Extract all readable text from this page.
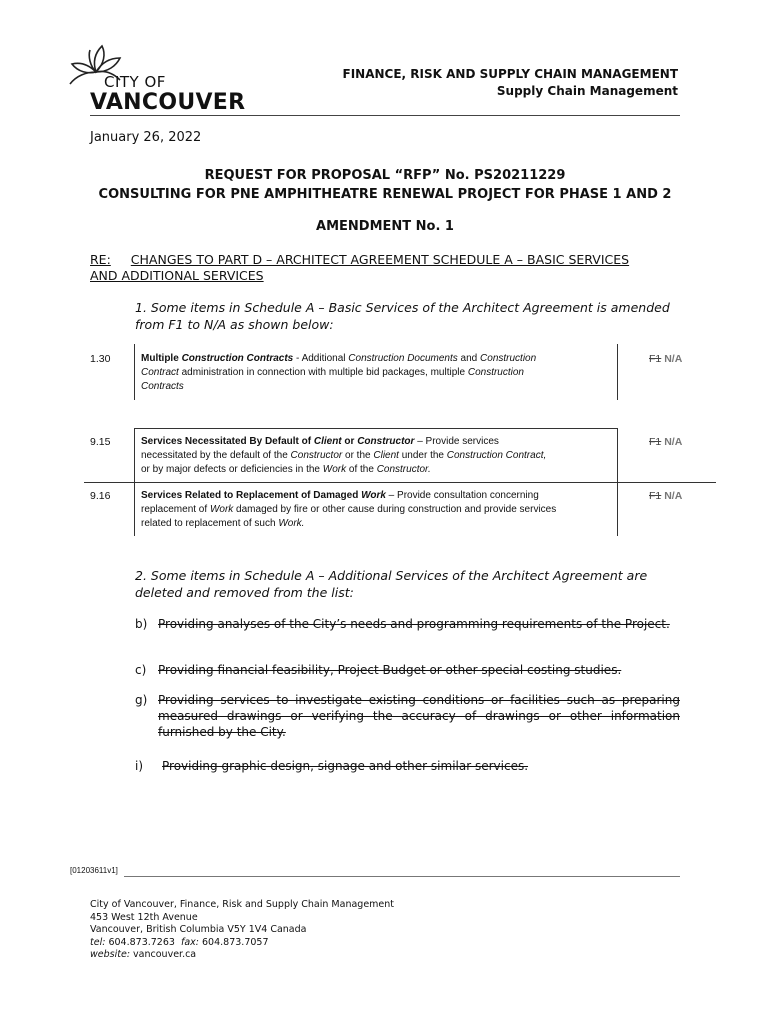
CITY OF
VANCOUVER
FINANCE, RISK AND SUPPLY CHAIN MANAGEMENT
Supply Chain Management
January 26, 2022
REQUEST FOR PROPOSAL “RFP” No. PS20211229
CONSULTING FOR PNE AMPHITHEATRE RENEWAL PROJECT FOR PHASE 1 AND 2
AMENDMENT No. 1
RE: CHANGES TO PART D – ARCHITECT AGREEMENT SCHEDULE A – BASIC SERVICES AND ADDITIONAL SERVICES
1. Some items in Schedule A – Basic Services of the Architect Agreement is amended
from F1 to N/A as shown below:
1.30	Multiple Construction Contracts - Additional Construction Documents and Construction
Contract administration in connection with multiple bid packages, multiple Construction
Contracts
F1 N/A
9.15	Services Necessitated By Default of Client or Constructor – Provide services
necessitated by the default of the Constructor or the Client under the Construction Contract,
or by major defects or deficiencies in the Work of the Constructor.
F1 N/A
9.16	Services Related to Replacement of Damaged Work – Provide consultation concerning
replacement of Work damaged by fire or other cause during construction and provide services
related to replacement of such Work.
F1 N/A
2. Some items in Schedule A – Additional Services of the Architect Agreement are
deleted and removed from the list:
b) Providing analyses of the City’s needs and programming requirements of the Project.
c) Providing financial feasibility, Project Budget or other special costing studies.
g) Providing services to investigate existing conditions or facilities such as preparing measured drawings or verifying the accuracy of drawings or other information furnished by the City.
i) Providing graphic design, signage and other similar services.
[01203611v1]
City of Vancouver, Finance, Risk and Supply Chain Management
453 West 12th Avenue
Vancouver, British Columbia V5Y 1V4 Canada
tel: 604.873.7263 fax: 604.873.7057
website: vancouver.ca
